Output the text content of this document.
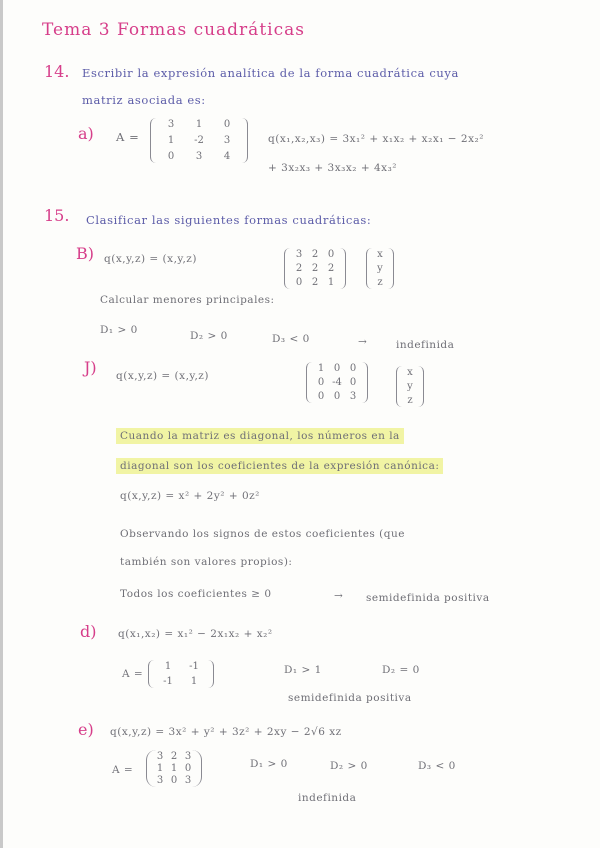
Tema 3 Formas cuadráticas
14. Escribir la expresión analítica de la forma cuadrática cuya
matriz asociada es:
a) A =
3	1	0
1	-2	3
0	3	4
q(x₁,x₂,x₃) = 3x₁² + x₁x₂ + x₂x₁ − 2x₂²
+ 3x₂x₃ + 3x₃x₂ + 4x₃²
15. Clasificar las siguientes formas cuadráticas:
B) q(x,y,z) = (x,y,z)	3 2 0
2 2 2
0 2 1
x
y
z
Calcular menores principales:
D₁ > 0	D₂ > 0	D₃ < 0	→	indefinida
J) q(x,y,z) = (x,y,z)
1 0 0
0 -4 0
0 0 3
x
y
z
Cuando la matriz es diagonal, los números en la
diagonal son los coeficientes de la expresión canónica:
q(x,y,z) = x² + 2y² + 0z²
Observando los signos de estos coeficientes (que
también son valores propios):
Todos los coeficientes ≥ 0	→ semidefinida positiva
d) q(x₁,x₂) = x₁² − 2x₁x₂ + x₂²
A =
1	-1
-1	1
D₁ > 1	D₂ = 0
semidefinida positiva
e) q(x,y,z) = 3x² + y² + 3z² + 2xy − 2√6 xz
A =
3 2 3
1 1 0
3 0 3
D₁ > 0	D₂ > 0	D₃ < 0
indefinida
